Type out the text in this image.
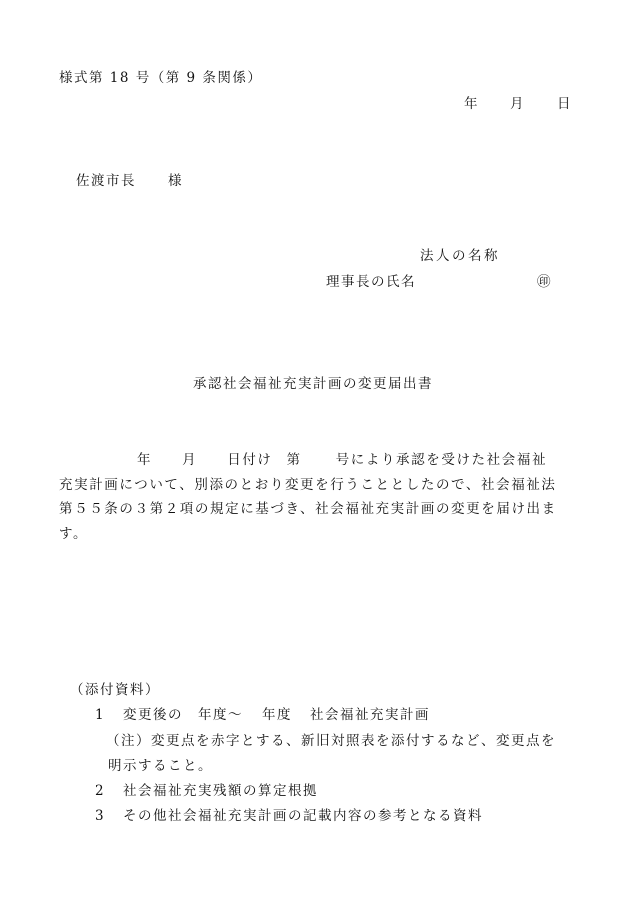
様式第 18 号（第 9 条関係）
年 月 日
佐渡市長 様
法人の名称
理事長の氏名	㊞
承認社会福祉充実計画の変更届出書
年 月 日付け 第	号により承認を受けた社会福祉
充実計画について、別添のとおり変更を行うこととしたので、社会福祉法
第５５条の３第２項の規定に基づき、社会福祉充実計画の変更を届け出ま
す。
（添付資料）
1 変更後の 年度～ 年度 社会福祉充実計画
（注）変更点を赤字とする、新旧対照表を添付するなど、変更点を
明示すること。
2 社会福祉充実残額の算定根拠
3 その他社会福祉充実計画の記載内容の参考となる資料
